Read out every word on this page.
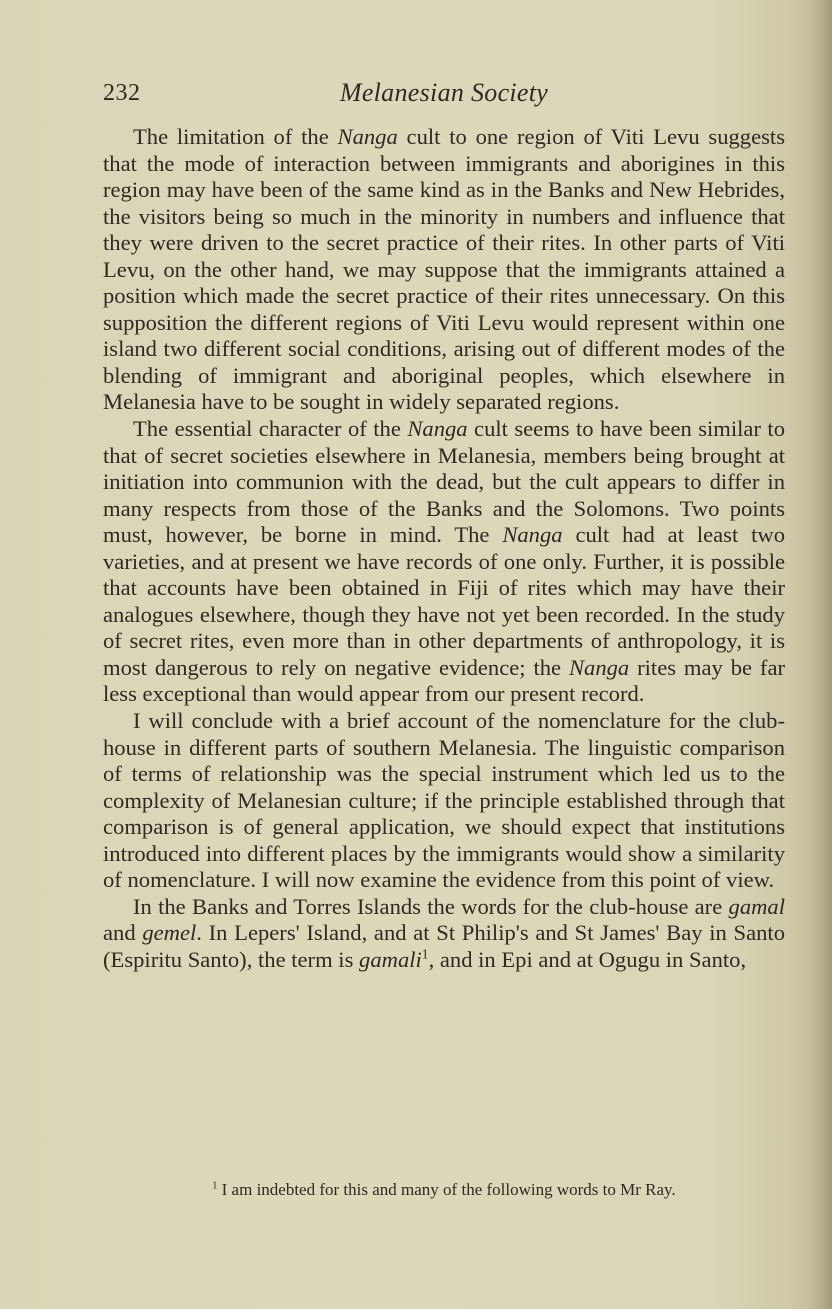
232	Melanesian Society

The limitation of the Nanga cult to one region of Viti Levu suggests that the mode of interaction between immigrants and aborigines in this region may have been of the same kind as in the Banks and New Hebrides, the visitors being so much in the minority in numbers and influence that they were driven to the secret practice of their rites. In other parts of Viti Levu, on the other hand, we may suppose that the immigrants attained a position which made the secret practice of their rites unnecessary. On this supposition the different regions of Viti Levu would represent within one island two different social conditions, arising out of different modes of the blending of immigrant and aboriginal peoples, which elsewhere in Melanesia have to be sought in widely separated regions.

The essential character of the Nanga cult seems to have been similar to that of secret societies elsewhere in Melanesia, members being brought at initiation into communion with the dead, but the cult appears to differ in many respects from those of the Banks and the Solomons. Two points must, however, be borne in mind. The Nanga cult had at least two varieties, and at present we have records of one only. Further, it is possible that accounts have been obtained in Fiji of rites which may have their analogues elsewhere, though they have not yet been recorded. In the study of secret rites, even more than in other departments of anthropology, it is most dangerous to rely on negative evidence; the Nanga rites may be far less exceptional than would appear from our present record.

I will conclude with a brief account of the nomenclature for the club-house in different parts of southern Melanesia. The linguistic comparison of terms of relationship was the special instrument which led us to the complexity of Melanesian culture; if the principle established through that comparison is of general application, we should expect that institutions introduced into different places by the immigrants would show a similarity of nomenclature. I will now examine the evidence from this point of view.

In the Banks and Torres Islands the words for the club-house are gamal and gemel. In Lepers' Island, and at St Philip's and St James' Bay in Santo (Espiritu Santo), the term is gamali$^1$, and in Epi and at Ogugu in Santo,

$^1$ I am indebted for this and many of the following words to Mr Ray.
